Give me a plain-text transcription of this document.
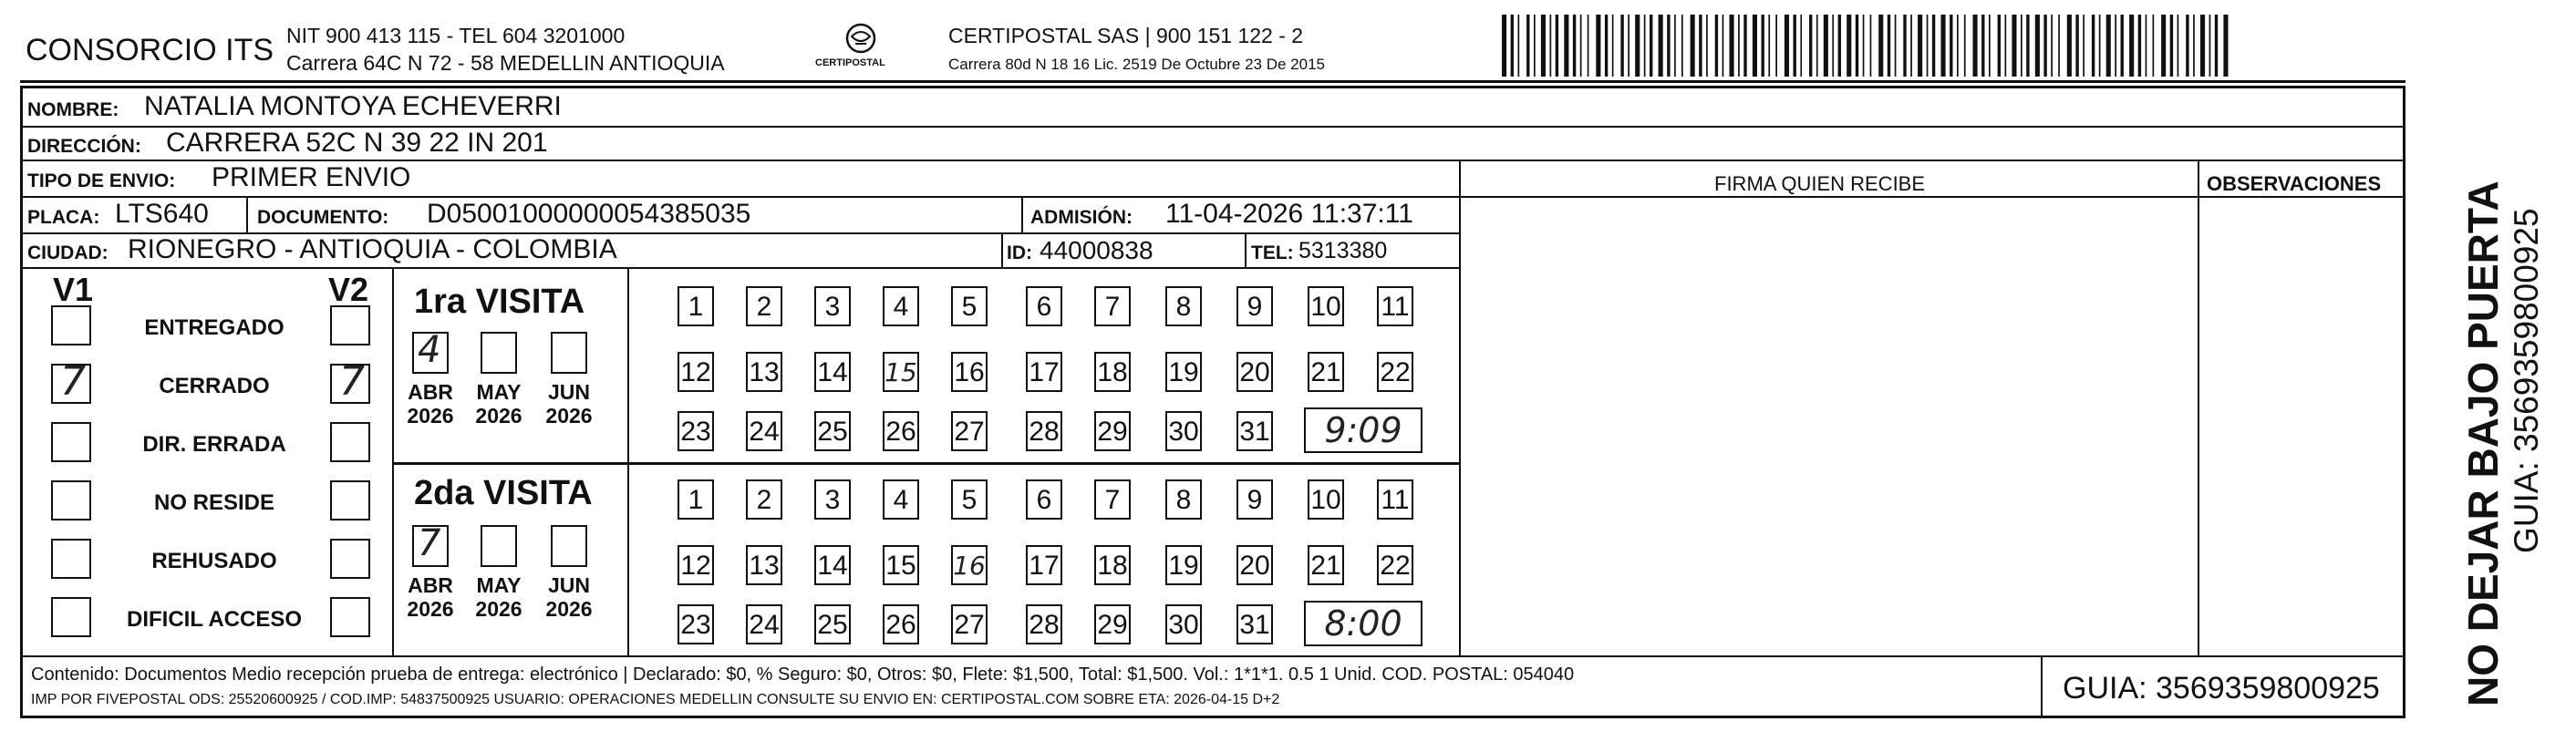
CONSORCIO ITS NIT 900 413 115 - TEL 604 3201000
Carrera 64C N 72 - 58 MEDELLIN ANTIOQUIA	CERTIPOSTAL
CERTIPOSTAL SAS | 900 151 122 - 2
Carrera 80d N 18 16 Lic. 2519 De Octubre 23 De 2015
NOMBRE: NATALIA MONTOYA ECHEVERRI
DIRECCIÓN: CARRERA 52C N 39 22 IN 201
TIPO DE ENVIO: PRIMER ENVIO	FIRMA QUIEN RECIBE	OBSERVACIONES
PLACA: LTS640	DOCUMENTO: D05001000000054385035	ADMISIÓN: 11-04-2026 11:37:11
CIUDAD: RIONEGRO - ANTIOQUIA - COLOMBIA	ID: 44000838	TEL: 5313380
V1	V2
ENTREGADO
7	CERRADO	7
DIR. ERRADA
NO RESIDE
REHUSADO
DIFICIL ACCESO
1ra VISITA
4
ABR
2026
MAY
2026
JUN
2026
1	2	3	4	5	6	7	8	9	10 11
12 13 14 15 16 17 18 19 20 21 22
23 24 25 26 27 28 29 30 31 9:09
2da VISITA
7
ABR
2026
MAY
2026
JUN
2026
1	2	3	4	5	6	7	8	9	10 11
12 13 14 15 16 17 18 19 20 21 22
23 24 25 26 27 28 29 30 31 8:00	NO DEJAR BAJO PUERTA GUIA: 3569359800925
Contenido: Documentos Medio recepción prueba de entrega: electrónico | Declarado: $0, % Seguro: $0, Otros: $0, Flete: $1,500, Total: $1,500. Vol.: 1*1*1. 0.5 1 Unid. COD. POSTAL: 054040
IMP POR FIVEPOSTAL ODS: 25520600925 / COD.IMP: 54837500925 USUARIO: OPERACIONES MEDELLIN CONSULTE SU ENVIO EN: CERTIPOSTAL.COM SOBRE ETA: 2026-04-15 D+2	GUIA: 3569359800925
